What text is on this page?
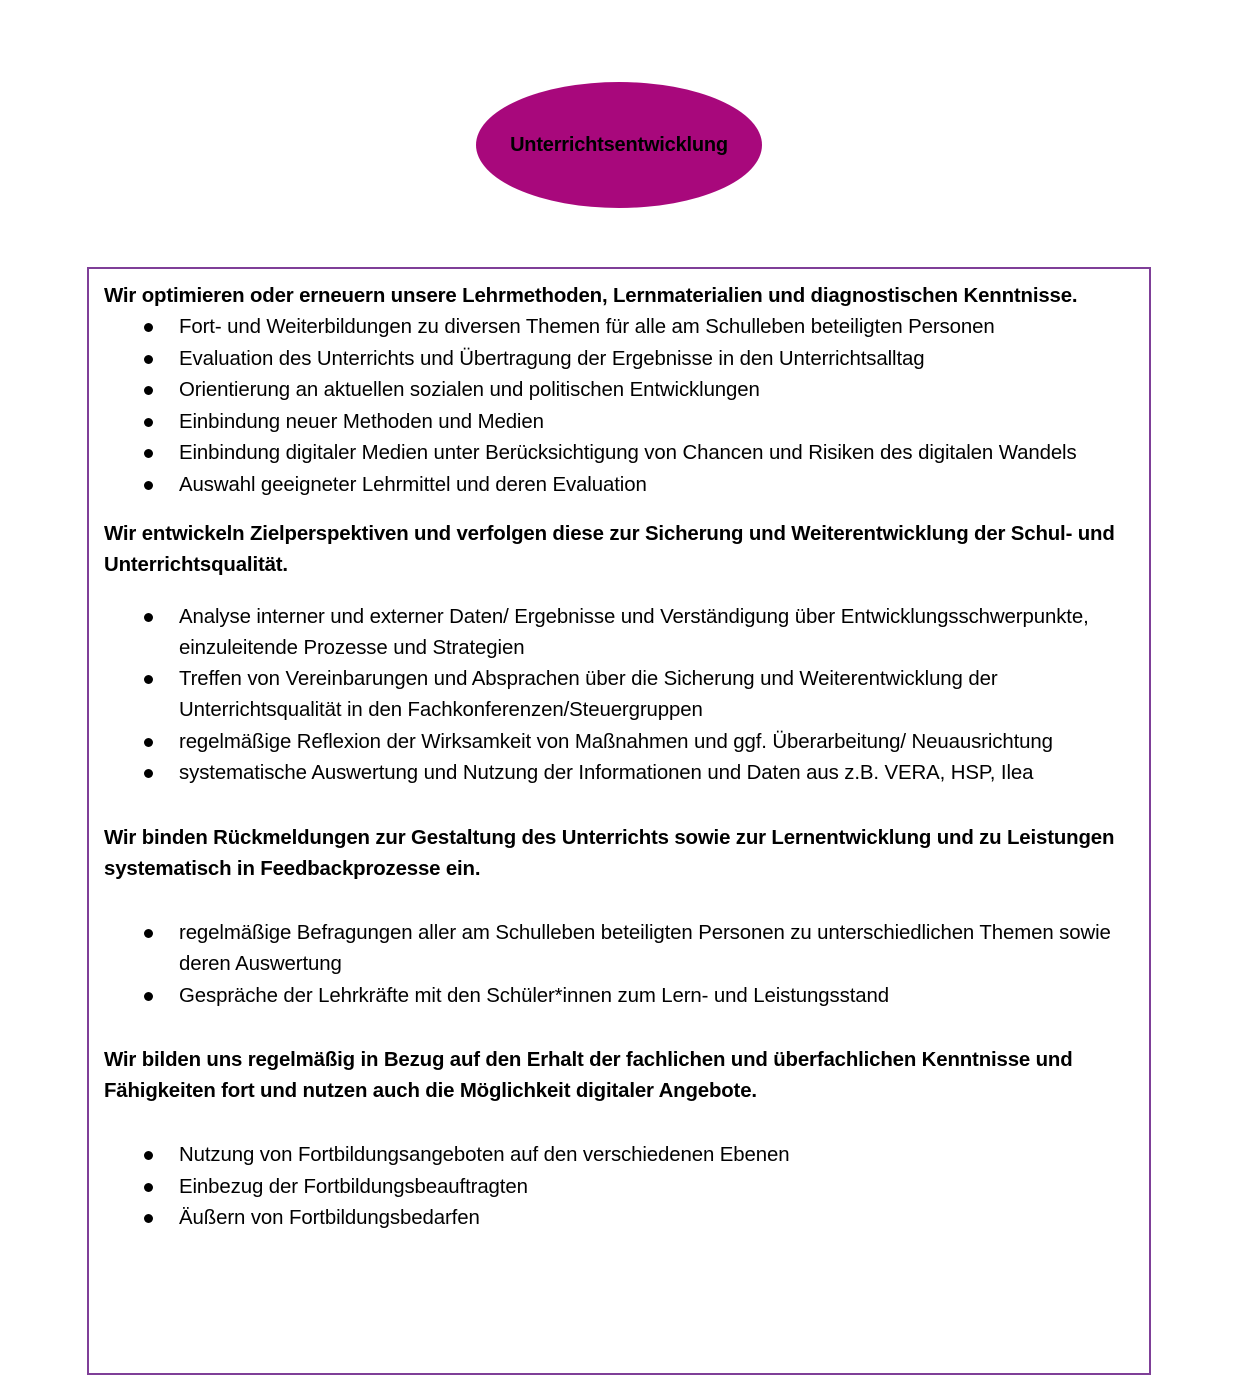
Unterrichtsentwicklung

Wir optimieren oder erneuern unsere Lehrmethoden, Lernmaterialien und diagnostischen Kenntnisse.

Fort- und Weiterbildungen zu diversen Themen für alle am Schulleben beteiligten Personen
Evaluation des Unterrichts und Übertragung der Ergebnisse in den Unterrichtsalltag
Orientierung an aktuellen sozialen und politischen Entwicklungen
Einbindung neuer Methoden und Medien
Einbindung digitaler Medien unter Berücksichtigung von Chancen und Risiken des digitalen Wandels
Auswahl geeigneter Lehrmittel und deren Evaluation

Wir entwickeln Zielperspektiven und verfolgen diese zur Sicherung und Weiterentwicklung der Schul- und Unterrichtsqualität.

Analyse interner und externer Daten/ Ergebnisse und Verständigung über Entwicklungsschwerpunkte, einzuleitende Prozesse und Strategien
Treffen von Vereinbarungen und Absprachen über die Sicherung und Weiterentwicklung der Unterrichtsqualität in den Fachkonferenzen/Steuergruppen
regelmäßige Reflexion der Wirksamkeit von Maßnahmen und ggf. Überarbeitung/ Neuausrichtung
systematische Auswertung und Nutzung der Informationen und Daten aus z.B. VERA, HSP, Ilea

Wir binden Rückmeldungen zur Gestaltung des Unterrichts sowie zur Lernentwicklung und zu Leistungen systematisch in Feedbackprozesse ein.

regelmäßige Befragungen aller am Schulleben beteiligten Personen zu unterschiedlichen Themen sowie deren Auswertung
Gespräche der Lehrkräfte mit den Schüler*innen zum Lern- und Leistungsstand

Wir bilden uns regelmäßig in Bezug auf den Erhalt der fachlichen und überfachlichen Kenntnisse und Fähigkeiten fort und nutzen auch die Möglichkeit digitaler Angebote.

Nutzung von Fortbildungsangeboten auf den verschiedenen Ebenen
Einbezug der Fortbildungsbeauftragten
Äußern von Fortbildungsbedarfen
